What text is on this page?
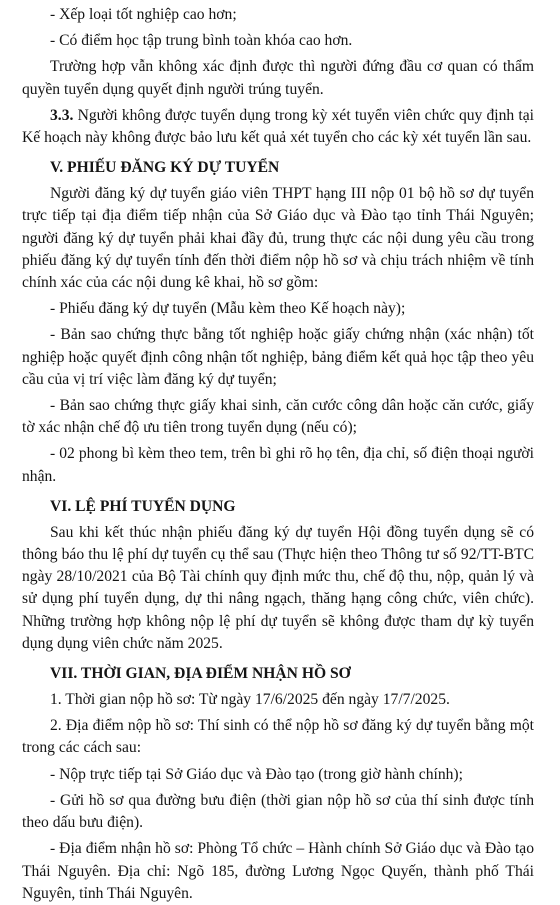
- Xếp loại tốt nghiệp cao hơn;

- Có điểm học tập trung bình toàn khóa cao hơn.

Trường hợp vẫn không xác định được thì người đứng đầu cơ quan có thẩm quyền tuyển dụng quyết định người trúng tuyển.

3.3. Người không được tuyển dụng trong kỳ xét tuyển viên chức quy định tại Kế hoạch này không được bảo lưu kết quả xét tuyển cho các kỳ xét tuyển lần sau.

V. PHIẾU ĐĂNG KÝ DỰ TUYỂN

Người đăng ký dự tuyển giáo viên THPT hạng III nộp 01 bộ hồ sơ dự tuyển trực tiếp tại địa điểm tiếp nhận của Sở Giáo dục và Đào tạo tỉnh Thái Nguyên; người đăng ký dự tuyển phải khai đầy đủ, trung thực các nội dung yêu cầu trong phiếu đăng ký dự tuyển tính đến thời điểm nộp hồ sơ và chịu trách nhiệm về tính chính xác của các nội dung kê khai, hồ sơ gồm:

- Phiếu đăng ký dự tuyển (Mẫu kèm theo Kế hoạch này);

- Bản sao chứng thực bằng tốt nghiệp hoặc giấy chứng nhận (xác nhận) tốt nghiệp hoặc quyết định công nhận tốt nghiệp, bảng điểm kết quả học tập theo yêu cầu của vị trí việc làm đăng ký dự tuyển;

- Bản sao chứng thực giấy khai sinh, căn cước công dân hoặc căn cước, giấy tờ xác nhận chế độ ưu tiên trong tuyển dụng (nếu có);

- 02 phong bì kèm theo tem, trên bì ghi rõ họ tên, địa chỉ, số điện thoại người nhận.

VI. LỆ PHÍ TUYỂN DỤNG

Sau khi kết thúc nhận phiếu đăng ký dự tuyển Hội đồng tuyển dụng sẽ có thông báo thu lệ phí dự tuyển cụ thể sau (Thực hiện theo Thông tư số 92/TT-BTC ngày 28/10/2021 của Bộ Tài chính quy định mức thu, chế độ thu, nộp, quản lý và sử dụng phí tuyển dụng, dự thi nâng ngạch, thăng hạng công chức, viên chức). Những trường hợp không nộp lệ phí dự tuyển sẽ không được tham dự kỳ tuyển dụng dụng viên chức năm 2025.

VII. THỜI GIAN, ĐỊA ĐIỂM NHẬN HỒ SƠ

1. Thời gian nộp hồ sơ: Từ ngày 17/6/2025 đến ngày 17/7/2025.

2. Địa điểm nộp hồ sơ: Thí sinh có thể nộp hồ sơ đăng ký dự tuyển bằng một trong các cách sau:

- Nộp trực tiếp tại Sở Giáo dục và Đào tạo (trong giờ hành chính);

- Gửi hồ sơ qua đường bưu điện (thời gian nộp hồ sơ của thí sinh được tính theo dấu bưu điện).

- Địa điểm nhận hồ sơ: Phòng Tổ chức – Hành chính Sở Giáo dục và Đào tạo Thái Nguyên. Địa chỉ: Ngõ 185, đường Lương Ngọc Quyến, thành phố Thái Nguyên, tỉnh Thái Nguyên.
